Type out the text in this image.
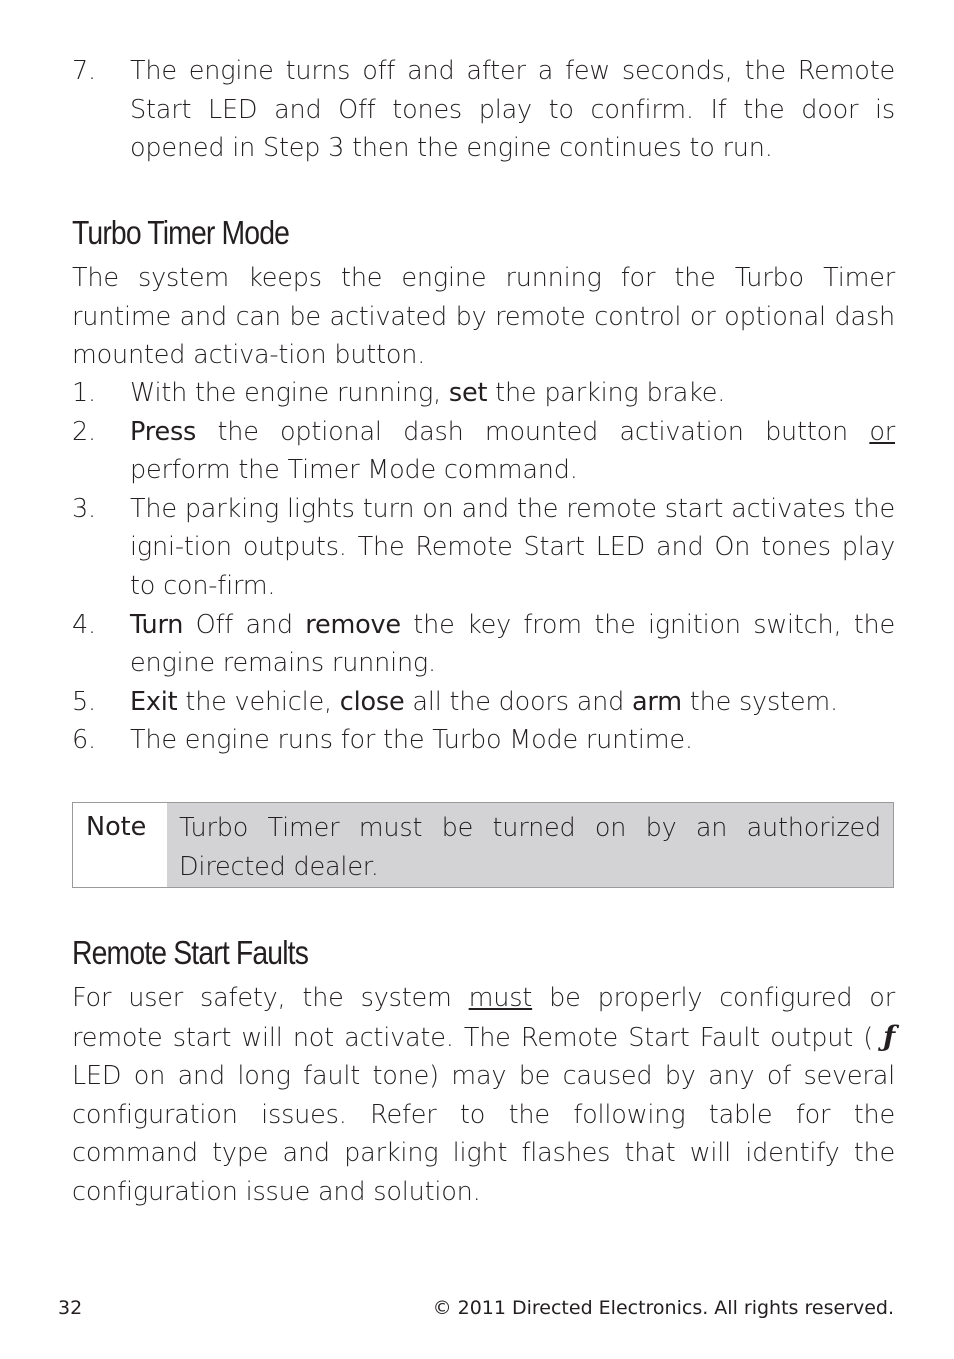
7. The engine turns off and after a few seconds, the Remote Start LED and Off tones play to confirm. If the door is opened in Step 3 then the engine continues to run.
Turbo Timer Mode
The system keeps the engine running for the Turbo Timer runtime and can be activated by remote control or optional dash mounted activa-tion button.
1. With the engine running, set the parking brake.
2. Press the optional dash mounted activation button or perform the Timer Mode command.
3. The parking lights turn on and the remote start activates the igni-tion outputs. The Remote Start LED and On tones play to con-firm.
4. Turn Off and remove the key from the ignition switch, the engine remains running.
5. Exit the vehicle, close all the doors and arm the system.
6. The engine runs for the Turbo Mode runtime.
Remote Start Faults
For user safety, the system must be properly configured or remote start will not activate. The Remote Start Fault output ( ƒ LED on and long fault tone) may be caused by any of several configuration issues. Refer to the following table for the command type and parking light flashes that will identify the configuration issue and solution.
Note	Turbo Timer must be turned on by an authorized Directed dealer.
32	© 2011 Directed Electronics. All rights reserved.
